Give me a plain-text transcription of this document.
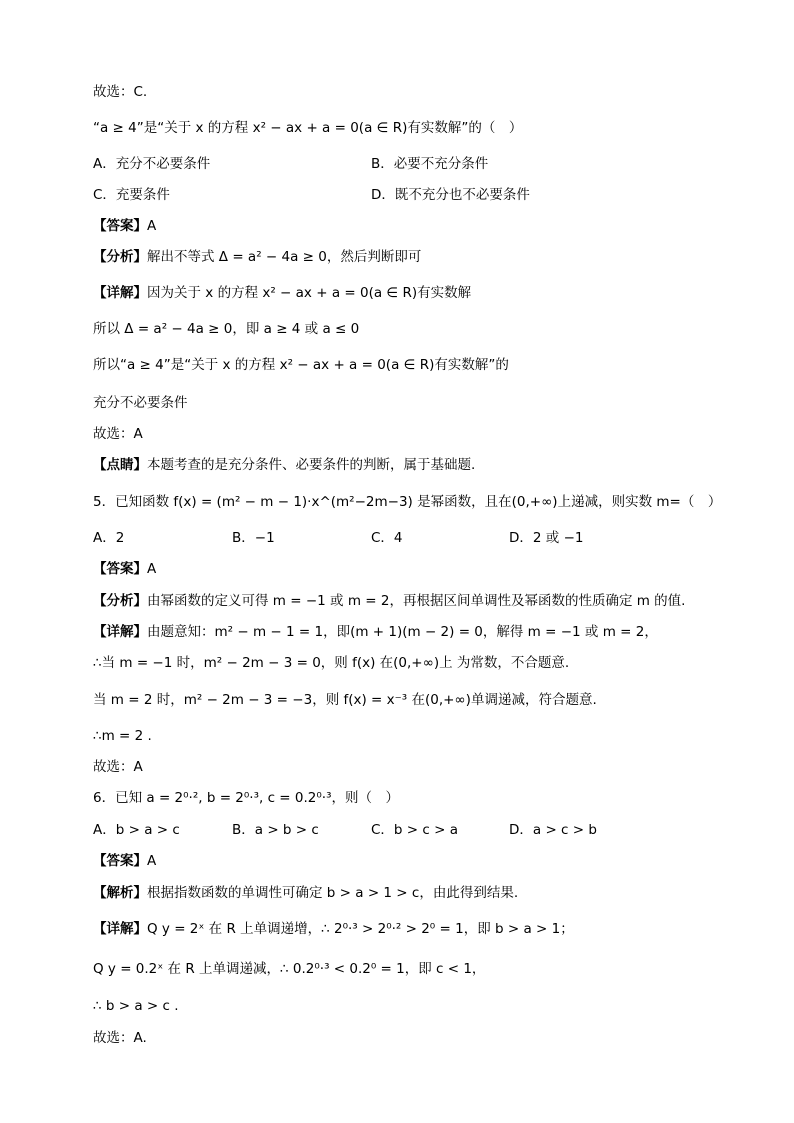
故选：C.
“a ≥ 4”是“关于 x 的方程 x² − ax + a = 0(a ∈ R)有实数解”的（　）
A．充分不必要条件	B．必要不充分条件
C．充要条件	D．既不充分也不必要条件
【答案】A
【分析】解出不等式 Δ = a² − 4a ≥ 0，然后判断即可
【详解】因为关于 x 的方程 x² − ax + a = 0(a ∈ R)有实数解
所以 Δ = a² − 4a ≥ 0，即 a ≥ 4 或 a ≤ 0
所以“a ≥ 4”是“关于 x 的方程 x² − ax + a = 0(a ∈ R)有实数解”的
充分不必要条件
故选：A
【点睛】本题考查的是充分条件、必要条件的判断，属于基础题.
5．已知函数 f(x) = (m² − m − 1)·x^(m²−2m−3) 是幂函数，且在(0,+∞)上递减，则实数 m=（　）
A．2	B．−1	C．4	D．2 或 −1
【答案】A
【分析】由幂函数的定义可得 m = −1 或 m = 2，再根据区间单调性及幂函数的性质确定 m 的值.
【详解】由题意知：m² − m − 1 = 1，即(m + 1)(m − 2) = 0，解得 m = −1 或 m = 2，
∴当 m = −1 时，m² − 2m − 3 = 0，则 f(x) 在(0,+∞)上 为常数，不合题意.
当 m = 2 时，m² − 2m − 3 = −3，则 f(x) = x⁻³ 在(0,+∞)单调递减，符合题意.
∴m = 2 .
故选：A
6．已知 a = 2⁰·², b = 2⁰·³, c = 0.2⁰·³，则（　）
A．b > a > c	B．a > b > c	C．b > c > a	D．a > c > b
【答案】A
【解析】根据指数函数的单调性可确定 b > a > 1 > c，由此得到结果.
【详解】Q y = 2ˣ 在 R 上单调递增，∴ 2⁰·³ > 2⁰·² > 2⁰ = 1，即 b > a > 1；
Q y = 0.2ˣ 在 R 上单调递减，∴ 0.2⁰·³ < 0.2⁰ = 1，即 c < 1，
∴ b > a > c .
故选：A.
